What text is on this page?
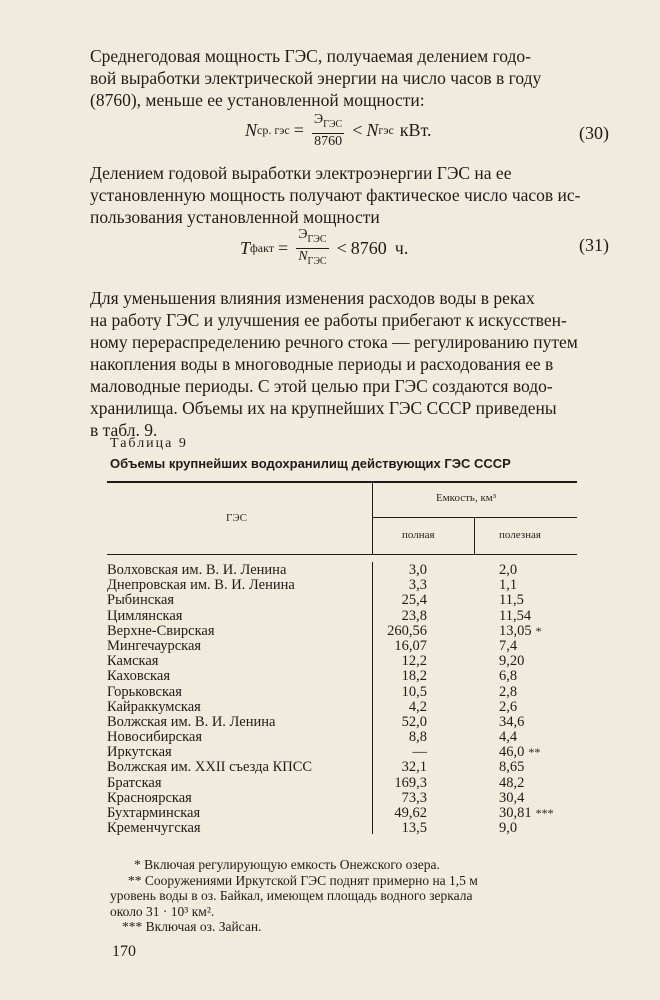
Среднегодовая мощность ГЭС, получаемая делением годо-
вой выработки электрической энергии на число часов в году
(8760), меньше ее установленной мощности:
N ср. гэс = $\frac{Э_{ГЭС}}{8760} < N$ гэс кВт.	(30)
Делением годовой выработки электроэнергии ГЭС на ее
установленную мощность получают фактическое число часов ис-
пользования установленной мощности
T факт = $\frac{Э_{ГЭС}}{N_{ГЭС}} < 8760$ ч.	(31)
Для уменьшения влияния изменения расходов воды в реках
на работу ГЭС и улучшения ее работы прибегают к искусствен-
ному перераспределению речного стока — регулированию путем
накопления воды в многоводные периоды и расходования ее в
маловодные периоды. С этой целью при ГЭС создаются водо-
хранилища. Объемы их на крупнейших ГЭС СССР приведены
в табл. 9.
Таблица 9
Объемы крупнейших водохранилищ действующих ГЭС СССР
ГЭС
Емкость, км³
полная	полезная
Волховская им. В. И. Ленина	3,0	2,0
Днепровская им. В. И. Ленина	3,3	1,1
Рыбинская	25,4	11,5
Цимлянская	23,8	11,54
Верхне-Свирская	260,56	13,05 *
Мингечаурская	16,07	7,4
Камская	12,2	9,20
Каховская	18,2	6,8
Горьковская	10,5	2,8
Кайраккумская	4,2	2,6
Волжская им. В. И. Ленина	52,0	34,6
Новосибирская	8,8	4,4
Иркутская	—	46,0 **
Волжская им. XXII съезда КПСС	32,1	8,65
Братская	169,3	48,2
Красноярская	73,3	30,4
Бухтарминская	49,62	30,81 ***
Кременчугская	13,5	9,0
* Включая регулирующую емкость Онежского озера.
** Сооружениями Иркутской ГЭС поднят примерно на 1,5 м
уровень воды в оз. Байкал, имеющем площадь водного зеркала
около 31 · 10³ км².
*** Включая оз. Зайсан.
170
